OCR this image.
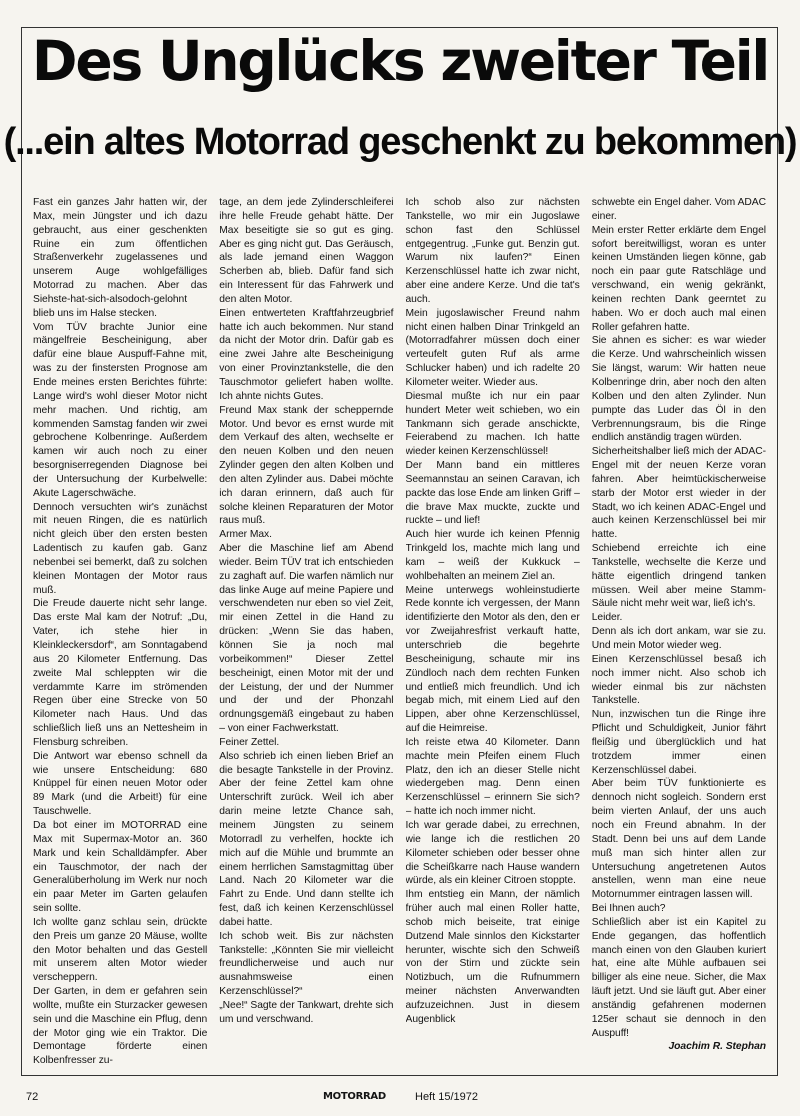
Des Unglücks zweiter Teil
(...ein altes Motorrad geschenkt zu bekommen)

Fast ein ganzes Jahr hatten wir, der Max, mein Jüngster und ich dazu gebraucht, aus einer geschenkten Ruine ein zum öffentlichen Straßenverkehr zugelassenes und unserem Auge wohlgefälliges Motorrad zu machen. Aber das Siehste-hat-sich-alsodoch-gelohnt blieb uns im Halse stecken.

Vom TÜV brachte Junior eine mängelfreie Bescheinigung, aber dafür eine blaue Auspuff-Fahne mit, was zu der finstersten Prognose am Ende meines ersten Berichtes führte: Lange wird's wohl dieser Motor nicht mehr machen. Und richtig, am kommenden Samstag fanden wir zwei gebrochene Kolbenringe. Außerdem kamen wir auch noch zu einer besorgniserregenden Diagnose bei der Untersuchung der Kurbelwelle: Akute Lagerschwäche.

Dennoch versuchten wir's zunächst mit neuen Ringen, die es natürlich nicht gleich über den ersten besten Ladentisch zu kaufen gab. Ganz nebenbei sei bemerkt, daß zu solchen kleinen Montagen der Motor raus muß.

Die Freude dauerte nicht sehr lange. Das erste Mal kam der Notruf: „Du, Vater, ich stehe hier in Kleinkleckersdorf“, am Sonntagabend aus 20 Kilometer Entfernung. Das zweite Mal schleppten wir die verdammte Karre im strömenden Regen über eine Strecke von 50 Kilometer nach Haus. Und das schließlich ließ uns an Nettesheim in Flensburg schreiben.

Die Antwort war ebenso schnell da wie unsere Entscheidung: 680 Knüppel für einen neuen Motor oder 89 Mark (und die Arbeit!) für eine Tauschwelle.

Da bot einer im MOTORRAD eine Max mit Supermax-Motor an. 360 Mark und kein Schalldämpfer. Aber ein Tauschmotor, der nach der Generalüberholung im Werk nur noch ein paar Meter im Garten gelaufen sein sollte.

Ich wollte ganz schlau sein, drückte den Preis um ganze 20 Mäuse, wollte den Motor behalten und das Gestell mit unserem alten Motor wieder verscheppern.

Der Garten, in dem er gefahren sein wollte, mußte ein Sturzacker gewesen sein und die Maschine ein Pflug, denn der Motor ging wie ein Traktor. Die Demontage förderte einen Kolbenfresser zu-

tage, an dem jede Zylinderschleiferei ihre helle Freude gehabt hätte. Der Max beseitigte sie so gut es ging. Aber es ging nicht gut. Das Geräusch, als lade jemand einen Waggon Scherben ab, blieb. Dafür fand sich ein Interessent für das Fahrwerk und den alten Motor.

Einen entwerteten Kraftfahrzeugbrief hatte ich auch bekommen. Nur stand da nicht der Motor drin. Dafür gab es eine zwei Jahre alte Bescheinigung von einer Provinztankstelle, die den Tauschmotor geliefert haben wollte. Ich ahnte nichts Gutes.

Freund Max stank der scheppernde Motor. Und bevor es ernst wurde mit dem Verkauf des alten, wechselte er den neuen Kolben und den neuen Zylinder gegen den alten Kolben und den alten Zylinder aus. Dabei möchte ich daran erinnern, daß auch für solche kleinen Reparaturen der Motor raus muß.

Armer Max.

Aber die Maschine lief am Abend wieder. Beim TÜV trat ich entschieden zu zaghaft auf. Die warfen nämlich nur das linke Auge auf meine Papiere und verschwendeten nur eben so viel Zeit, mir einen Zettel in die Hand zu drücken: „Wenn Sie das haben, können Sie ja noch mal vorbeikommen!“ Dieser Zettel bescheinigt, einen Motor mit der und der Leistung, der und der Nummer und der und der Phonzahl ordnungsgemäß eingebaut zu haben – von einer Fachwerkstatt.

Feiner Zettel.

Also schrieb ich einen lieben Brief an die besagte Tankstelle in der Provinz. Aber der feine Zettel kam ohne Unterschrift zurück. Weil ich aber darin meine letzte Chance sah, meinem Jüngsten zu seinem Motorradl zu verhelfen, hockte ich mich auf die Mühle und brummte an einem herrlichen Samstagmittag über Land. Nach 20 Kilometer war die Fahrt zu Ende. Und dann stellte ich fest, daß ich keinen Kerzenschlüssel dabei hatte.

Ich schob weit. Bis zur nächsten Tankstelle: „Könnten Sie mir vielleicht freundlicherweise und auch nur ausnahmsweise einen Kerzenschlüssel?“

„Nee!“ Sagte der Tankwart, drehte sich um und verschwand.

Ich schob also zur nächsten Tankstelle, wo mir ein Jugoslawe schon fast den Schlüssel entgegentrug. „Funke gut. Benzin gut. Warum nix laufen?“ Einen Kerzenschlüssel hatte ich zwar nicht, aber eine andere Kerze. Und die tat's auch.

Mein jugoslawischer Freund nahm nicht einen halben Dinar Trinkgeld an (Motorradfahrer müssen doch einer verteufelt guten Ruf als arme Schlucker haben) und ich radelte 20 Kilometer weiter. Wieder aus.

Diesmal mußte ich nur ein paar hundert Meter weit schieben, wo ein Tankmann sich gerade anschickte, Feierabend zu machen. Ich hatte wieder keinen Kerzenschlüssel!

Der Mann band ein mittleres Seemannstau an seinen Caravan, ich packte das lose Ende am linken Griff – die brave Max muckte, zuckte und ruckte – und lief!

Auch hier wurde ich keinen Pfennig Trinkgeld los, machte mich lang und kam – weiß der Kukkuck – wohlbehalten an meinem Ziel an.

Meine unterwegs wohleinstudierte Rede konnte ich vergessen, der Mann identifizierte den Motor als den, den er vor Zweijahresfrist verkauft hatte, unterschrieb die begehrte Bescheinigung, schaute mir ins Zündloch nach dem rechten Funken und entließ mich freundlich. Und ich begab mich, mit einem Lied auf den Lippen, aber ohne Kerzenschlüssel, auf die Heimreise.

Ich reiste etwa 40 Kilometer. Dann machte mein Pfeifen einem Fluch Platz, den ich an dieser Stelle nicht wiedergeben mag. Denn einen Kerzenschlüssel – erinnern Sie sich? – hatte ich noch immer nicht.

Ich war gerade dabei, zu errechnen, wie lange ich die restlichen 20 Kilometer schieben oder besser ohne die Scheißkarre nach Hause wandern würde, als ein kleiner Citroen stoppte.

Ihm entstieg ein Mann, der nämlich früher auch mal einen Roller hatte, schob mich beiseite, trat einige Dutzend Male sinnlos den Kickstarter herunter, wischte sich den Schweiß von der Stirn und zückte sein Notizbuch, um die Rufnummern meiner nächsten Anverwandten aufzuzeichnen. Just in diesem Augenblick

schwebte ein Engel daher. Vom ADAC einer.

Mein erster Retter erklärte dem Engel sofort bereitwilligst, woran es unter keinen Umständen liegen könne, gab noch ein paar gute Ratschläge und verschwand, ein wenig gekränkt, keinen rechten Dank geerntet zu haben. Wo er doch auch mal einen Roller gefahren hatte.

Sie ahnen es sicher: es war wieder die Kerze. Und wahrscheinlich wissen Sie längst, warum: Wir hatten neue Kolbenringe drin, aber noch den alten Kolben und den alten Zylinder. Nun pumpte das Luder das Öl in den Verbrennungsraum, bis die Ringe endlich anständig tragen würden.

Sicherheitshalber ließ mich der ADAC-Engel mit der neuen Kerze voran fahren. Aber heimtückischerweise starb der Motor erst wieder in der Stadt, wo ich keinen ADAC-Engel und auch keinen Kerzenschlüssel bei mir hatte.

Schiebend erreichte ich eine Tankstelle, wechselte die Kerze und hätte eigentlich dringend tanken müssen. Weil aber meine Stamm-Säule nicht mehr weit war, ließ ich's.

Leider.

Denn als ich dort ankam, war sie zu. Und mein Motor wieder weg.

Einen Kerzenschlüssel besaß ich noch immer nicht. Also schob ich wieder einmal bis zur nächsten Tankstelle.

Nun, inzwischen tun die Ringe ihre Pflicht und Schuldigkeit, Junior fährt fleißig und überglücklich und hat trotzdem immer einen Kerzenschlüssel dabei.

Aber beim TÜV funktionierte es dennoch nicht sogleich. Sondern erst beim vierten Anlauf, der uns auch noch ein Freund abnahm. In der Stadt. Denn bei uns auf dem Lande muß man sich hinter allen zur Untersuchung angetretenen Autos anstellen, wenn man eine neue Motornummer eintragen lassen will.

Bei Ihnen auch?

Schließlich aber ist ein Kapitel zu Ende gegangen, das hoffentlich manch einen von den Glauben kuriert hat, eine alte Mühle aufbauen sei billiger als eine neue. Sicher, die Max läuft jetzt. Und sie läuft gut. Aber einer anständig gefahrenen modernen 125er schaut sie dennoch in den Auspuff!

Joachim R. Stephan

72	MOTORRAD	Heft 15/1972
